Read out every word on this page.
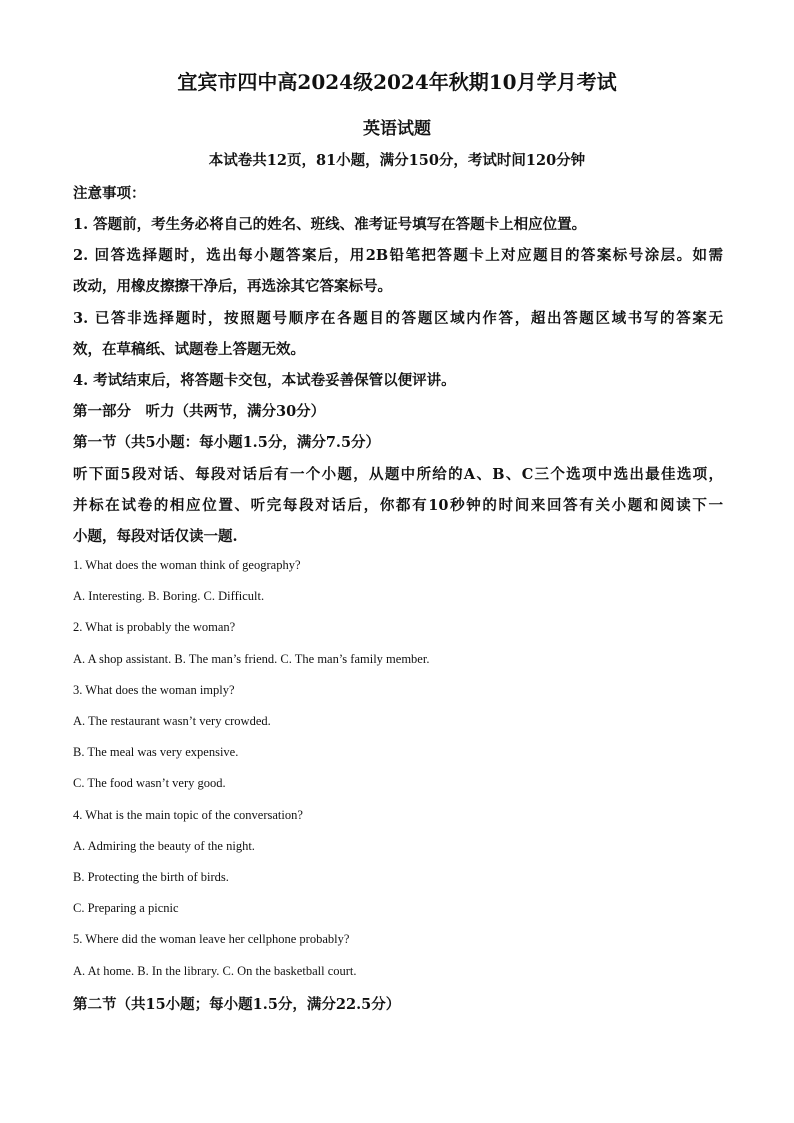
宜宾市四中高2024级2024年秋期10月学月考试
英语试题
本试卷共12页，81小题，满分150分，考试时间120分钟
注意事项：
1. 答题前，考生务必将自己的姓名、班线、准考证号填写在答题卡上相应位置。
2. 回答选择题时，选出每小题答案后，用2B铅笔把答题卡上对应题目的答案标号涂层。如需
改动，用橡皮擦擦干净后，再选涂其它答案标号。
3. 已答非选择题时，按照题号顺序在各题目的答题区域内作答，超出答题区域书写的答案无
效，在草稿纸、试题卷上答题无效。
4. 考试结束后，将答题卡交包，本试卷妥善保管以便评讲。
第一部分　听力（共两节，满分30分）
第一节（共5小题：每小题1.5分，满分7.5分）
听下面5段对话、每段对话后有一个小题，从题中所给的A、B、C三个选项中选出最佳选项，
并标在试卷的相应位置、听完每段对话后，你都有10秒钟的时间来回答有关小题和阅读下一
小题，每段对话仅读一题.
1. What does the woman think of geography?
A. Interesting. B. Boring. C. Difficult.
2. What is probably the woman?
A. A shop assistant. B. The man’s friend. C. The man’s family member.
3. What does the woman imply?
A. The restaurant wasn’t very crowded.
B. The meal was very expensive.
C. The food wasn’t very good.
4. What is the main topic of the conversation?
A. Admiring the beauty of the night.
B. Protecting the birth of birds.
C. Preparing a picnic
5. Where did the woman leave her cellphone probably?
A. At home. B. In the library. C. On the basketball court.
第二节（共15小题；每小题1.5分，满分22.5分）
